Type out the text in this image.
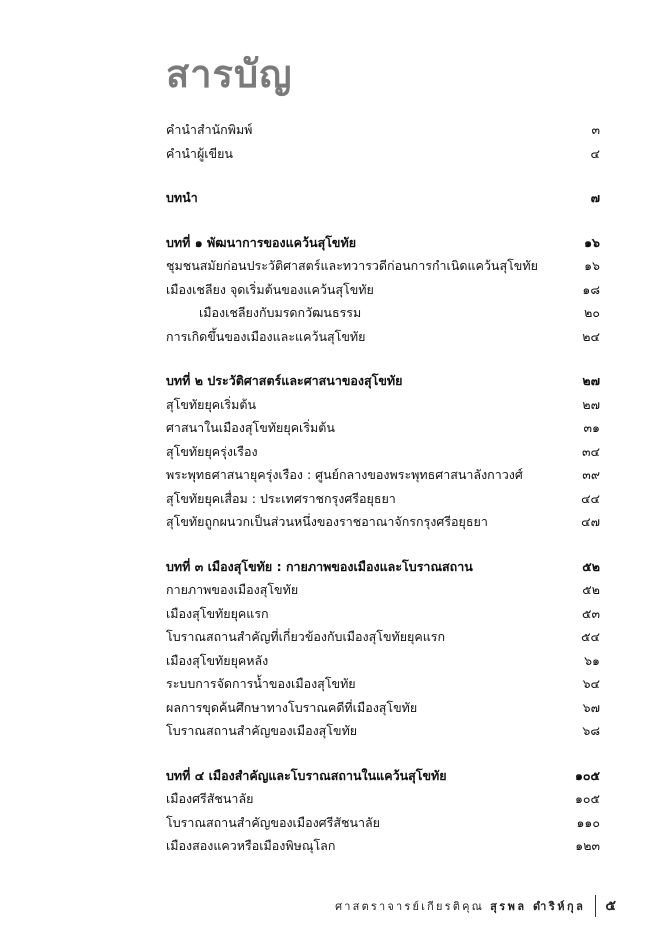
สารบัญ
คำนำสำนักพิมพ์	๓
คำนำผู้เขียน	๔
บทนำ	๗
บทที่ ๑ พัฒนาการของแคว้นสุโขทัย	๑๖
ชุมชนสมัยก่อนประวัติศาสตร์และทวารวดีก่อนการกำเนิดแคว้นสุโขทัย	๑๖
เมืองเชลียง จุดเริ่มต้นของแคว้นสุโขทัย	๑๘
เมืองเชลียงกับมรดกวัฒนธรรม	๒๐
การเกิดขึ้นของเมืองและแคว้นสุโขทัย	๒๔
บทที่ ๒ ประวัติศาสตร์และศาสนาของสุโขทัย	๒๗
สุโขทัยยุคเริ่มต้น	๒๗
ศาสนาในเมืองสุโขทัยยุคเริ่มต้น	๓๑
สุโขทัยยุครุ่งเรือง	๓๔
พระพุทธศาสนายุครุ่งเรือง : ศูนย์กลางของพระพุทธศาสนาลังกาวงศ์	๓๙
สุโขทัยยุคเสื่อม : ประเทศราชกรุงศรีอยุธยา	๔๔
สุโขทัยถูกผนวกเป็นส่วนหนึ่งของราชอาณาจักรกรุงศรีอยุธยา	๔๗
บทที่ ๓ เมืองสุโขทัย : กายภาพของเมืองและโบราณสถาน	๕๒
กายภาพของเมืองสุโขทัย	๕๒
เมืองสุโขทัยยุคแรก	๕๓
โบราณสถานสำคัญที่เกี่ยวข้องกับเมืองสุโขทัยยุคแรก	๕๔
เมืองสุโขทัยยุคหลัง	๖๑
ระบบการจัดการน้ำของเมืองสุโขทัย	๖๔
ผลการขุดค้นศึกษาทางโบราณคดีที่เมืองสุโขทัย	๖๗
โบราณสถานสำคัญของเมืองสุโขทัย	๖๘
บทที่ ๔ เมืองสำคัญและโบราณสถานในแคว้นสุโขทัย	๑๐๕
เมืองศรีสัชนาลัย	๑๐๕
โบราณสถานสำคัญของเมืองศรีสัชนาลัย	๑๑๐
เมืองสองแควหรือเมืองพิษณุโลก	๑๒๓
ศาสตราจารย์เกียรติคุณ สุรพล ดำริห์กุล ๕
